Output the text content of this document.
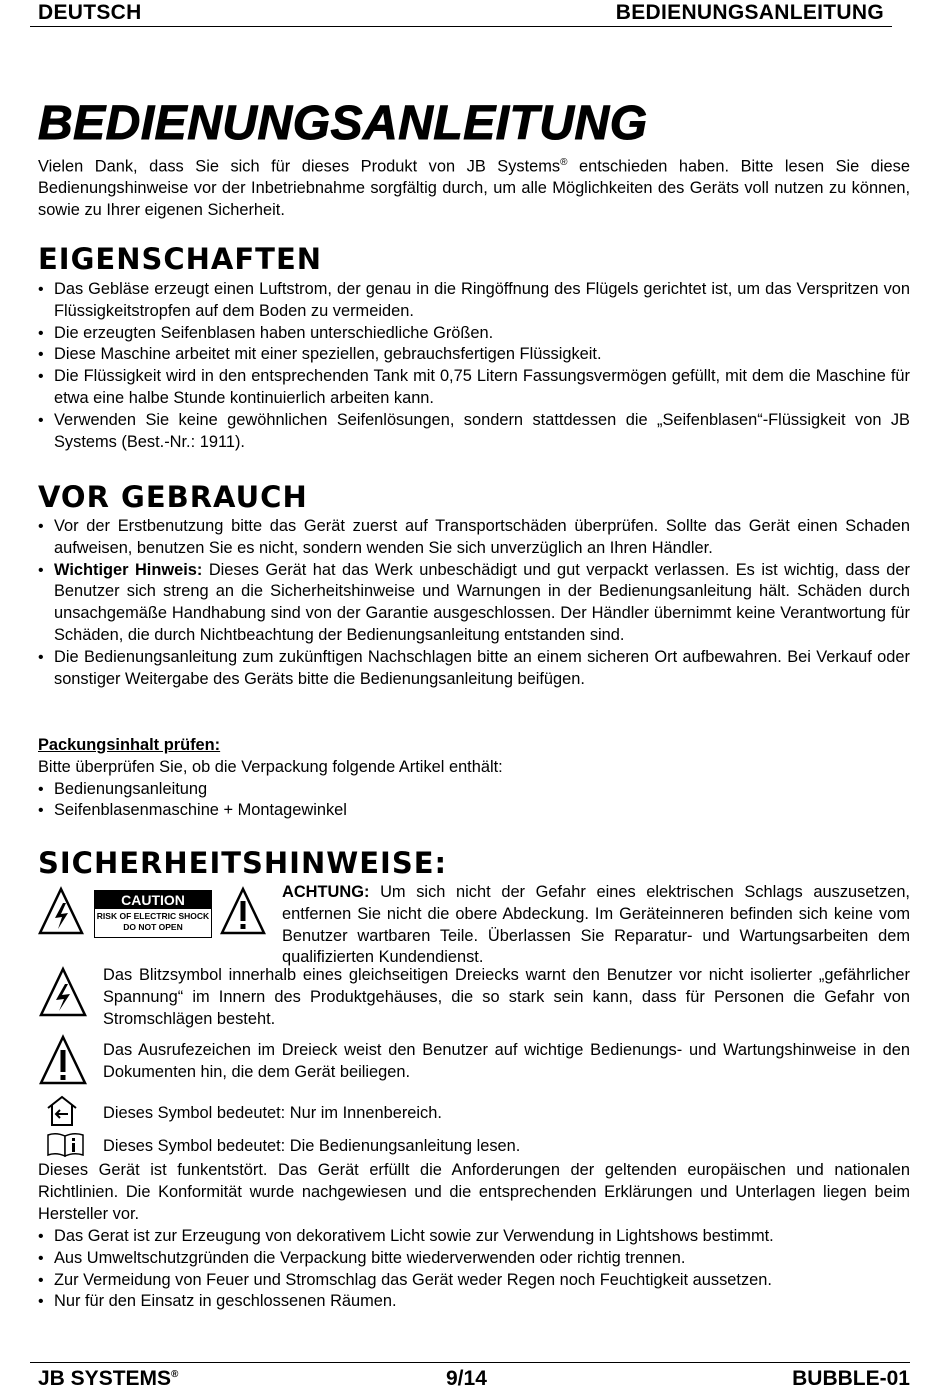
DEUTSCH	BEDIENUNGSANLEITUNG
BEDIENUNGSANLEITUNG

Vielen Dank, dass Sie sich für dieses Produkt von JB Systems® entschieden haben. Bitte lesen Sie diese Bedienungshinweise vor der Inbetriebnahme sorgfältig durch, um alle Möglichkeiten des Geräts voll nutzen zu können, sowie zu Ihrer eigenen Sicherheit.

EIGENSCHAFTEN
• Das Gebläse erzeugt einen Luftstrom, der genau in die Ringöffnung des Flügels gerichtet ist, um das Verspritzen von Flüssigkeitstropfen auf dem Boden zu vermeiden.
• Die erzeugten Seifenblasen haben unterschiedliche Größen.
• Diese Maschine arbeitet mit einer speziellen, gebrauchsfertigen Flüssigkeit.
• Die Flüssigkeit wird in den entsprechenden Tank mit 0,75 Litern Fassungsvermögen gefüllt, mit dem die Maschine für etwa eine halbe Stunde kontinuierlich arbeiten kann.
• Verwenden Sie keine gewöhnlichen Seifenlösungen, sondern stattdessen die „Seifenblasen“-Flüssigkeit von JB Systems (Best.-Nr.: 1911).
VOR GEBRAUCH
• Vor der Erstbenutzung bitte das Gerät zuerst auf Transportschäden überprüfen. Sollte das Gerät einen Schaden aufweisen, benutzen Sie es nicht, sondern wenden Sie sich unverzüglich an Ihren Händler.
• Wichtiger Hinweis: Dieses Gerät hat das Werk unbeschädigt und gut verpackt verlassen. Es ist wichtig, dass der Benutzer sich streng an die Sicherheitshinweise und Warnungen in der Bedienungsanleitung hält. Schäden durch unsachgemäße Handhabung sind von der Garantie ausgeschlossen. Der Händler übernimmt keine Verantwortung für Schäden, die durch Nichtbeachtung der Bedienungsanleitung entstanden sind.
• Die Bedienungsanleitung zum zukünftigen Nachschlagen bitte an einem sicheren Ort aufbewahren. Bei Verkauf oder sonstiger Weitergabe des Geräts bitte die Bedienungsanleitung beifügen.

Packungsinhalt prüfen:

Bitte überprüfen Sie, ob die Verpackung folgende Artikel enthält:

• Bedienungsanleitung
• Seifenblasenmaschine + Montagewinkel
SICHERHEITSHINWEISE:
CAUTION
RISK OF ELECTRIC SHOCK
DO NOT OPEN

ACHTUNG: Um sich nicht der Gefahr eines elektrischen Schlags auszusetzen, entfernen Sie nicht die obere Abdeckung. Im Geräteinneren befinden sich keine vom Benutzer wartbaren Teile. Überlassen Sie Reparatur- und Wartungsarbeiten dem qualifizierten Kundendienst.

Das Blitzsymbol innerhalb eines gleichseitigen Dreiecks warnt den Benutzer vor nicht isolierter „gefährlicher Spannung“ im Innern des Produktgehäuses, die so stark sein kann, dass für Personen die Gefahr von Stromschlägen besteht.

Das Ausrufezeichen im Dreieck weist den Benutzer auf wichtige Bedienungs- und Wartungshinweise in den Dokumenten hin, die dem Gerät beiliegen.

Dieses Symbol bedeutet: Nur im Innenbereich.

Dieses Symbol bedeutet: Die Bedienungsanleitung lesen.

Dieses Gerät ist funkentstört. Das Gerät erfüllt die Anforderungen der geltenden europäischen und nationalen Richtlinien. Die Konformität wurde nachgewiesen und die entsprechenden Erklärungen und Unterlagen liegen beim Hersteller vor.

• Das Gerat ist zur Erzeugung von dekorativem Licht sowie zur Verwendung in Lightshows bestimmt.
• Aus Umweltschutzgründen die Verpackung bitte wiederverwenden oder richtig trennen.
• Zur Vermeidung von Feuer und Stromschlag das Gerät weder Regen noch Feuchtigkeit aussetzen.
• Nur für den Einsatz in geschlossenen Räumen.
JB SYSTEMS®	9/14	BUBBLE-01
